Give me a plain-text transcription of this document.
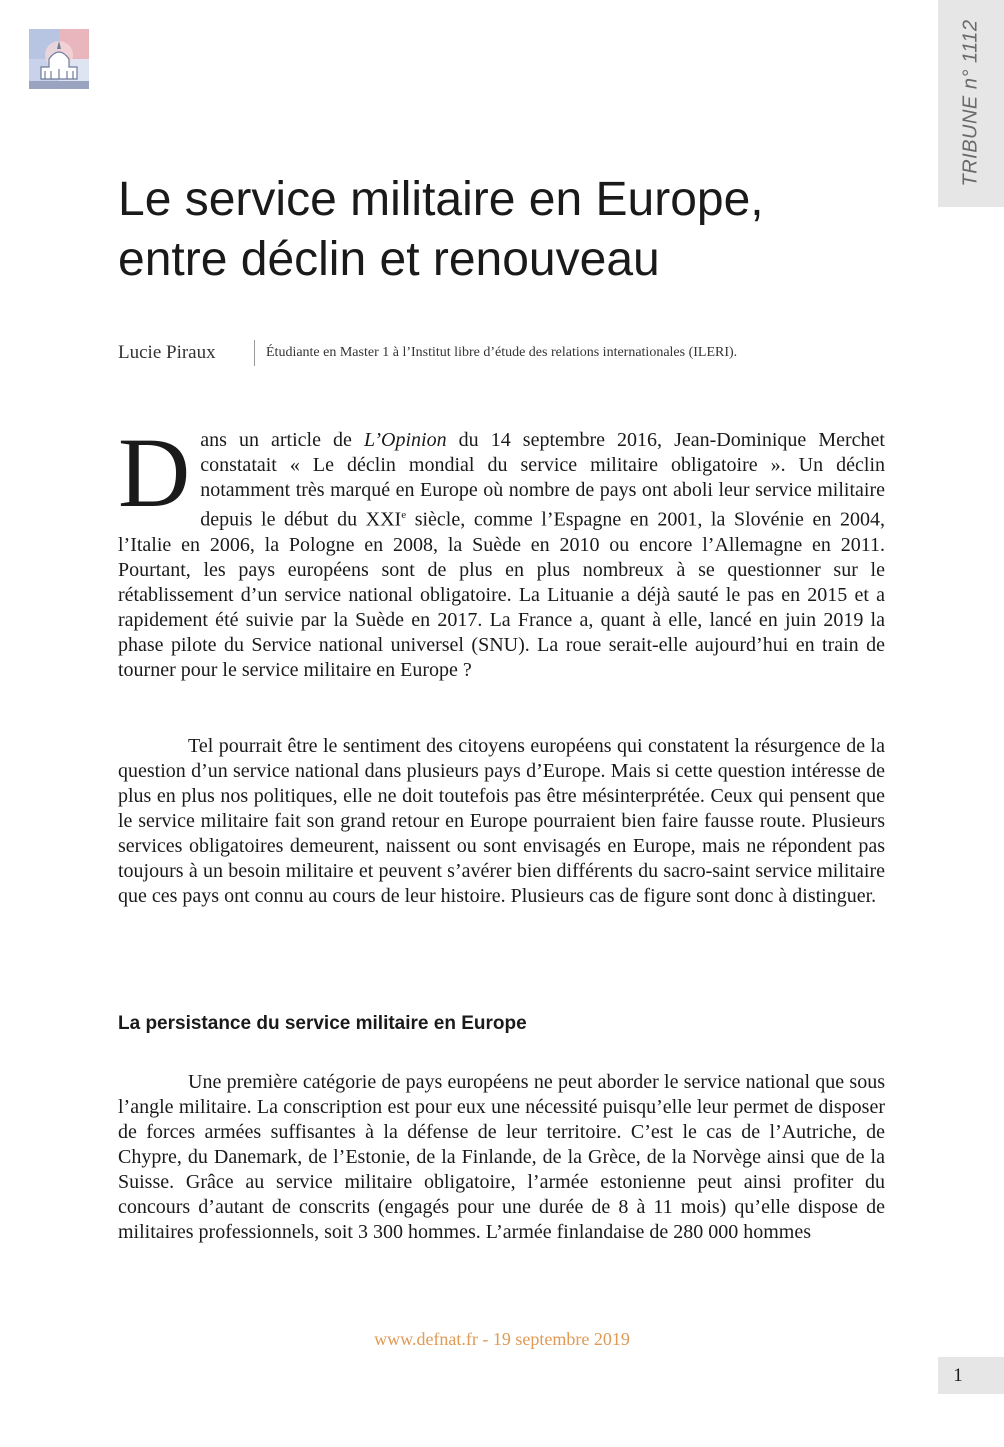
TRIBUNE n° 1112
Le service militaire en Europe,
entre déclin et renouveau
Lucie Piraux	Étudiante en Master 1 à l’Institut libre d’étude des relations internationales (ILERI).

Dans un article de L’Opinion du 14 septembre 2016, Jean-Dominique Merchet constatait « Le déclin mondial du service militaire obligatoire ». Un déclin notamment très marqué en Europe où nombre de pays ont aboli leur service militaire depuis le début du XXIe siècle, comme l’Espagne en 2001, la Slovénie en 2004, l’Italie en 2006, la Pologne en 2008, la Suède en 2010 ou encore l’Allemagne en 2011. Pourtant, les pays européens sont de plus en plus nombreux à se questionner sur le rétablissement d’un service national obligatoire. La Lituanie a déjà sauté le pas en 2015 et a rapidement été suivie par la Suède en 2017. La France a, quant à elle, lancé en juin 2019 la phase pilote du Service national universel (SNU). La roue serait-elle aujourd’hui en train de tourner pour le service militaire en Europe ?

Tel pourrait être le sentiment des citoyens européens qui constatent la résurgence de la question d’un service national dans plusieurs pays d’Europe. Mais si cette question intéresse de plus en plus nos politiques, elle ne doit toutefois pas être mésinterprétée. Ceux qui pensent que le service militaire fait son grand retour en Europe pourraient bien faire fausse route. Plusieurs services obligatoires demeurent, naissent ou sont envisagés en Europe, mais ne répondent pas toujours à un besoin militaire et peuvent s’avérer bien différents du sacro-saint service militaire que ces pays ont connu au cours de leur histoire. Plusieurs cas de figure sont donc à distinguer.

La persistance du service militaire en Europe

Une première catégorie de pays européens ne peut aborder le service national que sous l’angle militaire. La conscription est pour eux une nécessité puisqu’elle leur permet de disposer de forces armées suffisantes à la défense de leur territoire. C’est le cas de l’Autriche, de Chypre, du Danemark, de l’Estonie, de la Finlande, de la Grèce, de la Norvège ainsi que de la Suisse. Grâce au service militaire obligatoire, l’armée estonienne peut ainsi profiter du concours d’autant de conscrits (engagés pour une durée de 8 à 11 mois) qu’elle dispose de militaires professionnels, soit 3 300 hommes. L’armée finlandaise de 280 000 hommes

www.defnat.fr - 19 septembre 2019
1
